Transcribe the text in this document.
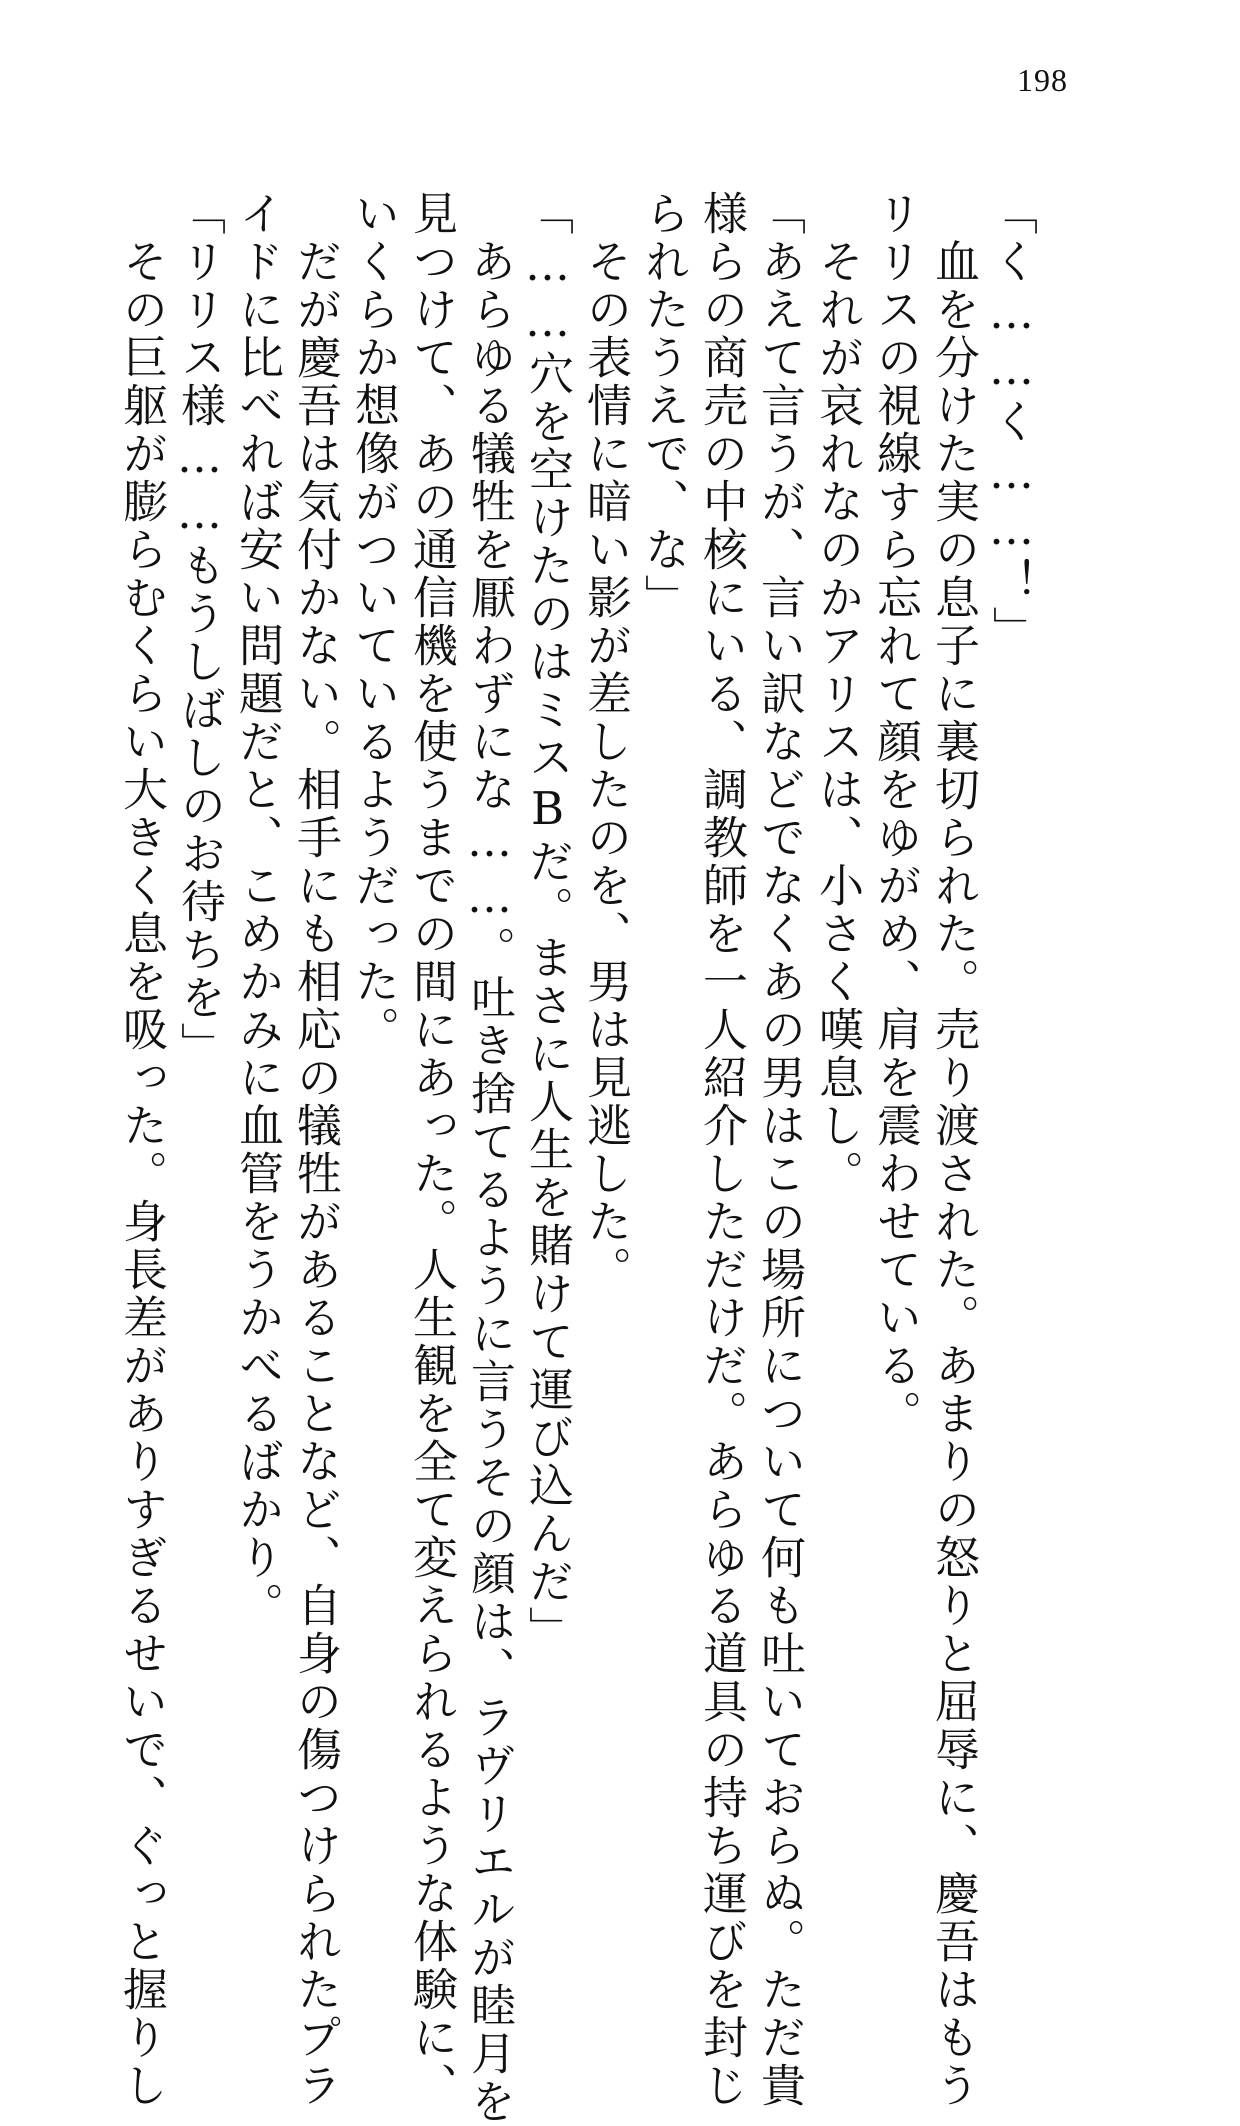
198

「く……く……！」

　血を分けた実の息子に裏切られた。売り渡された。あまりの怒りと屈辱に、慶吾はもう

リリスの視線すら忘れて顔をゆがめ、肩を震わせている。

　それが哀れなのかアリスは、小さく嘆息し。

「あえて言うが、言い訳などでなくあの男はこの場所について何も吐いておらぬ。ただ貴

様らの商売の中核にいる、調教師を一人紹介しただけだ。あらゆる道具の持ち運びを封じ

られたうえで、な」

　その表情に暗い影が差したのを、男は見逃した。

「……穴を空けたのはミスBだ。まさに人生を賭けて運び込んだ」

　あらゆる犠牲を厭わずにな……。吐き捨てるように言うその顔は、ラヴリエルが睦月を

見つけて、あの通信機を使うまでの間にあった。人生観を全て変えられるような体験に、

いくらか想像がついているようだった。

　だが慶吾は気付かない。相手にも相応の犠牲があることなど、自身の傷つけられたプラ

イドに比べれば安い問題だと、こめかみに血管をうかべるばかり。

「リリス様……もうしばしのお待ちを」

　その巨躯が膨らむくらい大きく息を吸った。身長差がありすぎるせいで、ぐっと握りし
